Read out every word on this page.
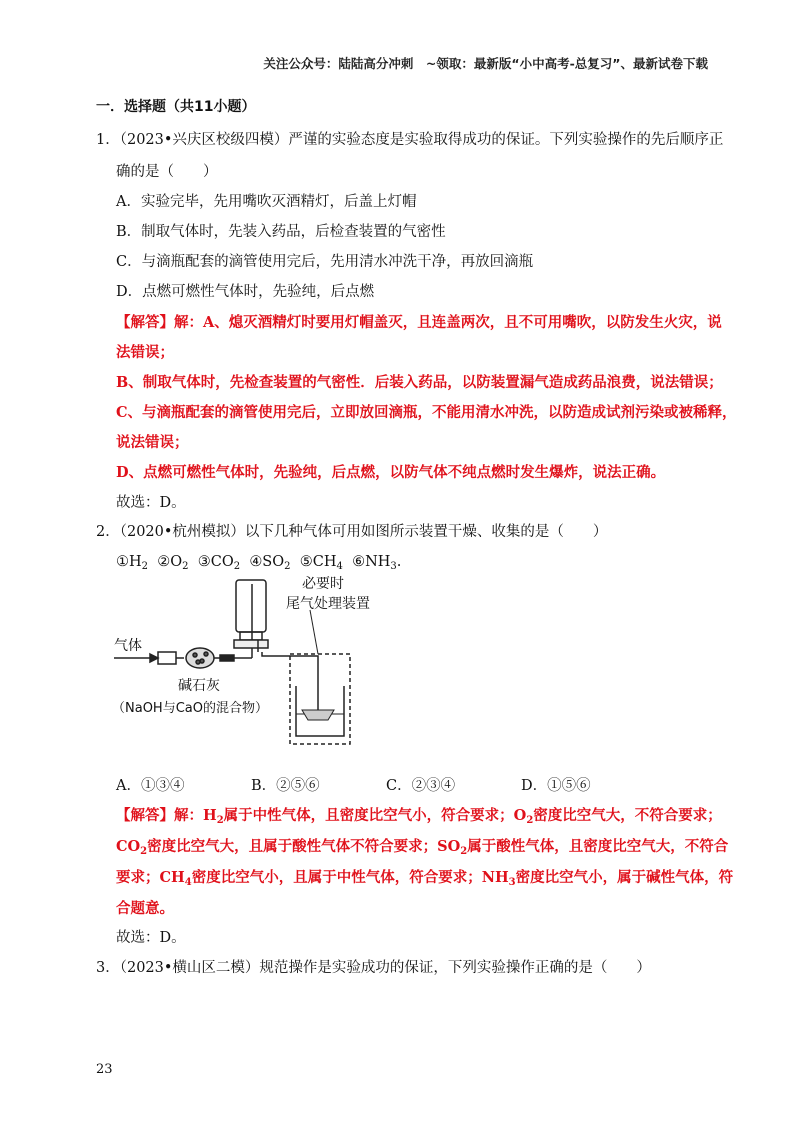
关注公众号：陆陆高分冲刺　~领取：最新版“小中高考-总复习”、最新试卷下载
一．选择题（共11小题）
1．（2023•兴庆区校级四模）严谨的实验态度是实验取得成功的保证。下列实验操作的先后顺序正
确的是（　　）
A．实验完毕，先用嘴吹灭酒精灯，后盖上灯帽
B．制取气体时，先装入药品，后检查装置的气密性
C．与滴瓶配套的滴管使用完后，先用清水冲洗干净，再放回滴瓶
D．点燃可燃性气体时，先验纯，后点燃
【解答】解：A、熄灭酒精灯时要用灯帽盖灭，且连盖两次，且不可用嘴吹，以防发生火灾，说
法错误；
B、制取气体时，先检查装置的气密性．后装入药品，以防装置漏气造成药品浪费，说法错误；
C、与滴瓶配套的滴管使用完后，立即放回滴瓶，不能用清水冲洗，以防造成试剂污染或被稀释，
说法错误；
D、点燃可燃性气体时，先验纯，后点燃，以防气体不纯点燃时发生爆炸，说法正确。
故选：D。
2．（2020•杭州模拟）以下几种气体可用如图所示装置干燥、收集的是（　　）
$①H_2$ $②O_2$ $③CO_2$ $④SO_2$ $⑤CH_4$ $⑥NH_3$.
气体
碱石灰
（NaOH与CaO的混合物）
必要时
尾气处理装置
A．①③④	B．②⑤⑥	C．②③④	D．①⑤⑥
【解答】解：$H_2$属于中性气体，且密度比空气小，符合要求；$O_2$密度比空气大，不符合要求；
$CO_2$密度比空气大，且属于酸性气体不符合要求；$SO_2$属于酸性气体，且密度比空气大，不符合
要求；$CH_4$密度比空气小，且属于中性气体，符合要求；$NH_3$密度比空气小，属于碱性气体，符
合题意。
故选：D。
3．（2023•横山区二模）规范操作是实验成功的保证，下列实验操作正确的是（　　）
23
